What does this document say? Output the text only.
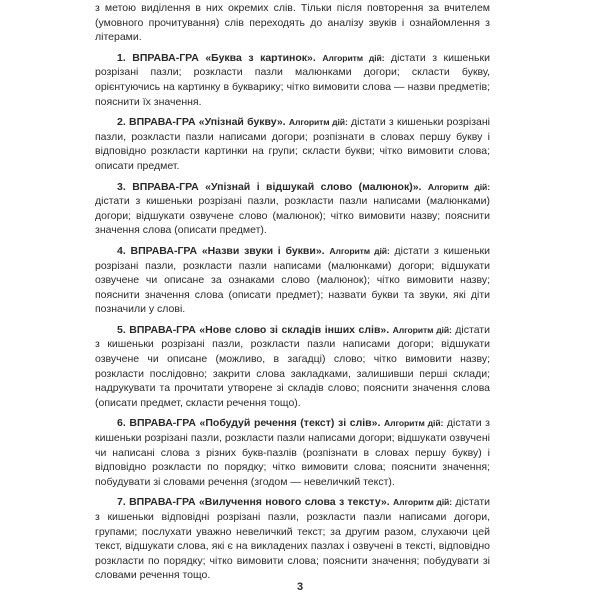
з метою виділення в них окремих слів. Тільки після повторення за вчителем (умовного прочитування) слів переходять до аналізу звуків і ознайомлення з літерами.

1. ВПРАВА-ГРА «Буква з картинок». Алгоритм дій: дістати з кишеньки розрізані пазли; розкласти пазли малюнками догори; скласти букву, орієнтуючись на картинку в букварику; чітко вимовити слова — назви предметів; пояснити їх значення.

2. ВПРАВА-ГРА «Упізнай букву». Алгоритм дій: дістати з кишеньки розрізані пазли, розкласти пазли написами догори; розпізнати в словах першу букву і відповідно розкласти картинки на групи; скласти букви; чітко вимовити слова; описати предмет.

3. ВПРАВА-ГРА «Упізнай і відшукай слово (малюнок)». Алгоритм дій: дістати з кишеньки розрізані пазли, розкласти пазли написами (малюнками) догори; відшукати озвучене слово (малюнок); чітко вимовити назву; пояснити значення слова (описати предмет).

4. ВПРАВА-ГРА «Назви звуки і букви». Алгоритм дій: дістати з кишеньки розрізані пазли, розкласти пазли написами (малюнками) догори; відшукати озвучене чи описане за ознаками слово (малюнок); чітко вимовити назву; пояснити значення слова (описати предмет); назвати букви та звуки, які діти позначили у слові.

5. ВПРАВА-ГРА «Нове слово зі складів інших слів». Алгоритм дій: дістати з кишеньки розрізані пазли, розкласти пазли написами догори; відшукати озвучене чи описане (можливо, в загадці) слово; чітко вимовити назву; розкласти послідовно; закрити слова закладками, залишивши перші склади; надрукувати та прочитати утворене зі складів слово; пояснити значення слова (описати предмет, скласти речення тощо).

6. ВПРАВА-ГРА «Побудуй речення (текст) зі слів». Алгоритм дій: дістати з кишеньки розрізані пазли, розкласти пазли написами догори; відшукати озвучені чи написані слова з різних букв-пазлів (розпізнати в словах першу букву) і відповідно розкласти по порядку; чітко вимовити слова; пояснити значення; побудувати зі словами речення (згодом — невеличкий текст).

7. ВПРАВА-ГРА «Вилучення нового слова з тексту». Алгоритм дій: дістати з кишеньки відповідні розрізані пазли, розкласти пазли написами догори, групами; послухати уважно невеличкий текст; за другим разом, слухаючи цей текст, відшукати слова, які є на викладених пазлах і озвучені в тексті, відповідно розкласти по порядку; чітко вимовити слова; пояснити значення; побудувати зі словами речення тощо.

3
